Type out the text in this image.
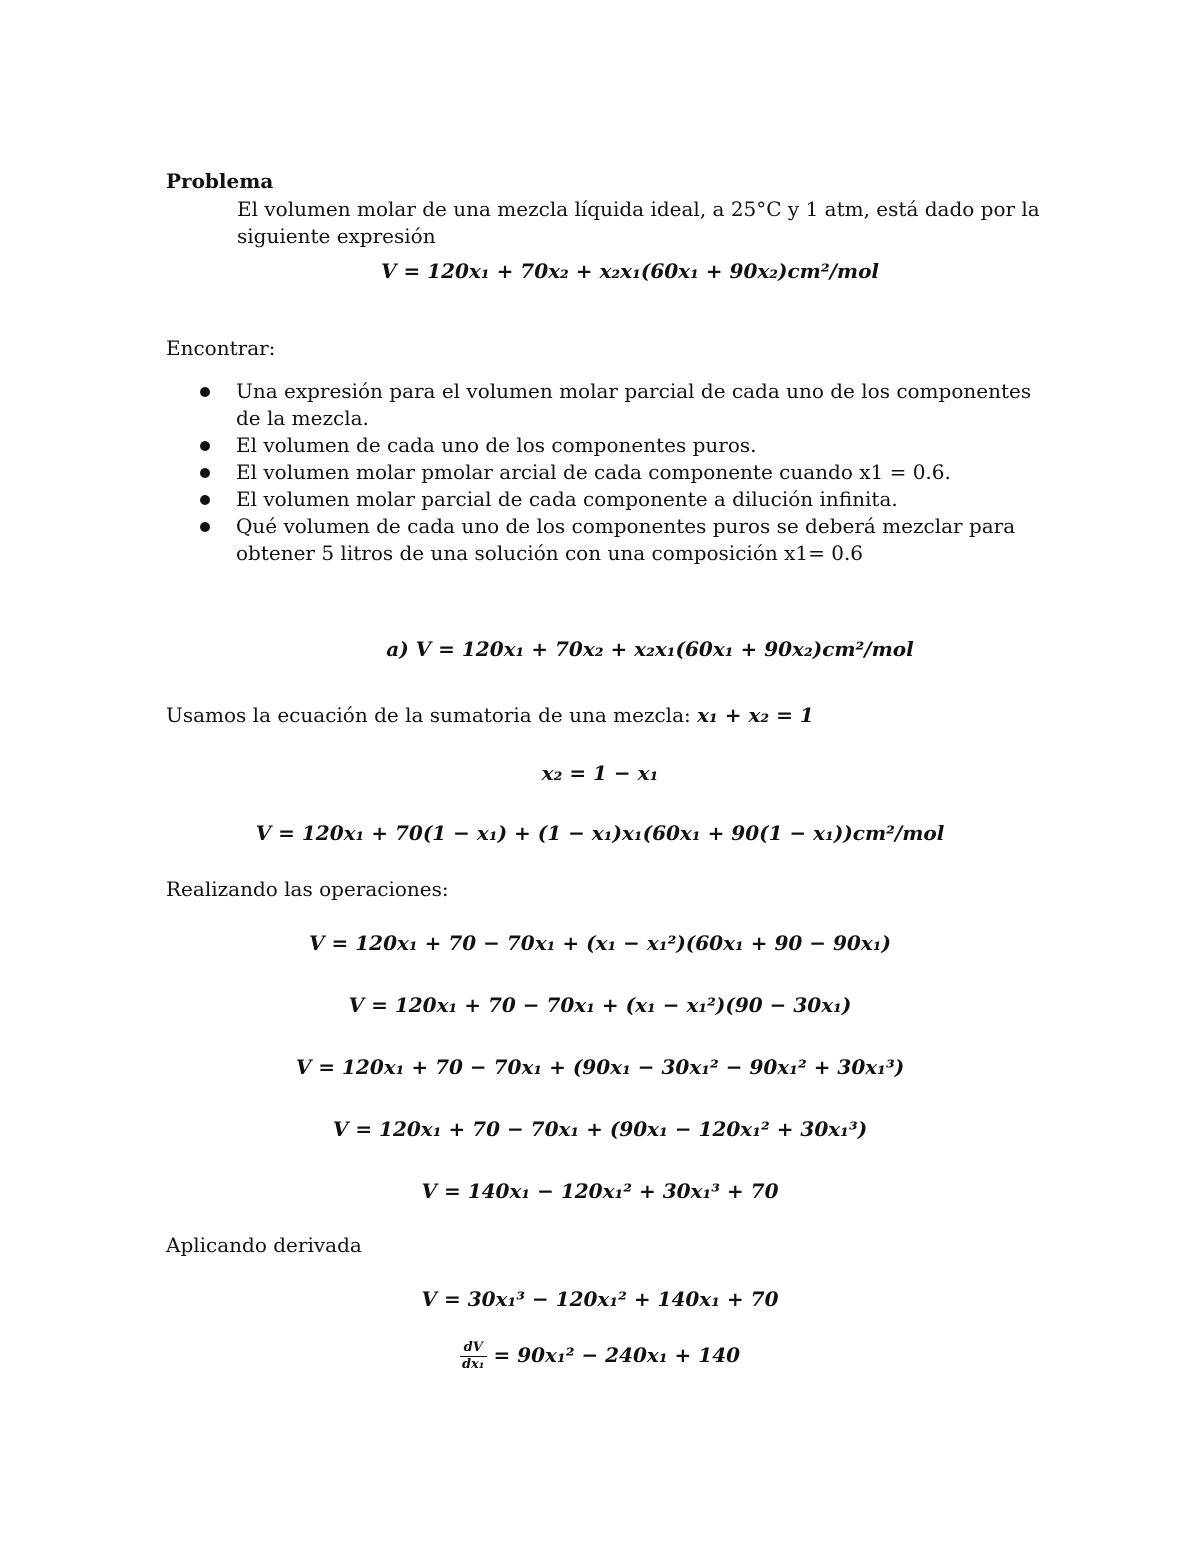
Problema
El volumen molar de una mezcla líquida ideal, a 25°C y 1 atm, está dado por la
siguiente expresión
V = 120x₁ + 70x₂ + x₂x₁(60x₁ + 90x₂)cm²/mol
Encontrar:
Una expresión para el volumen molar parcial de cada uno de los componentes de la mezcla.
El volumen de cada uno de los componentes puros.
El volumen molar pmolar arcial de cada componente cuando x1 = 0.6.
El volumen molar parcial de cada componente a dilución infinita.
Qué volumen de cada uno de los componentes puros se deberá mezclar para obtener 5 litros de una solución con una composición x1= 0.6
a) V = 120x₁ + 70x₂ + x₂x₁(60x₁ + 90x₂)cm²/mol
Usamos la ecuación de la sumatoria de una mezcla: x₁ + x₂ = 1
x₂ = 1 − x₁
V = 120x₁ + 70(1 − x₁) + (1 − x₁)x₁(60x₁ + 90(1 − x₁))cm²/mol
Realizando las operaciones:
V = 120x₁ + 70 − 70x₁ + (x₁ − x₁²)(60x₁ + 90 − 90x₁)
V = 120x₁ + 70 − 70x₁ + (x₁ − x₁²)(90 − 30x₁)
V = 120x₁ + 70 − 70x₁ + (90x₁ − 30x₁² − 90x₁² + 30x₁³)
V = 120x₁ + 70 − 70x₁ + (90x₁ − 120x₁² + 30x₁³)
V = 140x₁ − 120x₁² + 30x₁³ + 70
Aplicando derivada
V = 30x₁³ − 120x₁² + 140x₁ + 70
$\frac{dV}{\text{dx₁}} = 90x_1^2 - 240x_1 + 140$
